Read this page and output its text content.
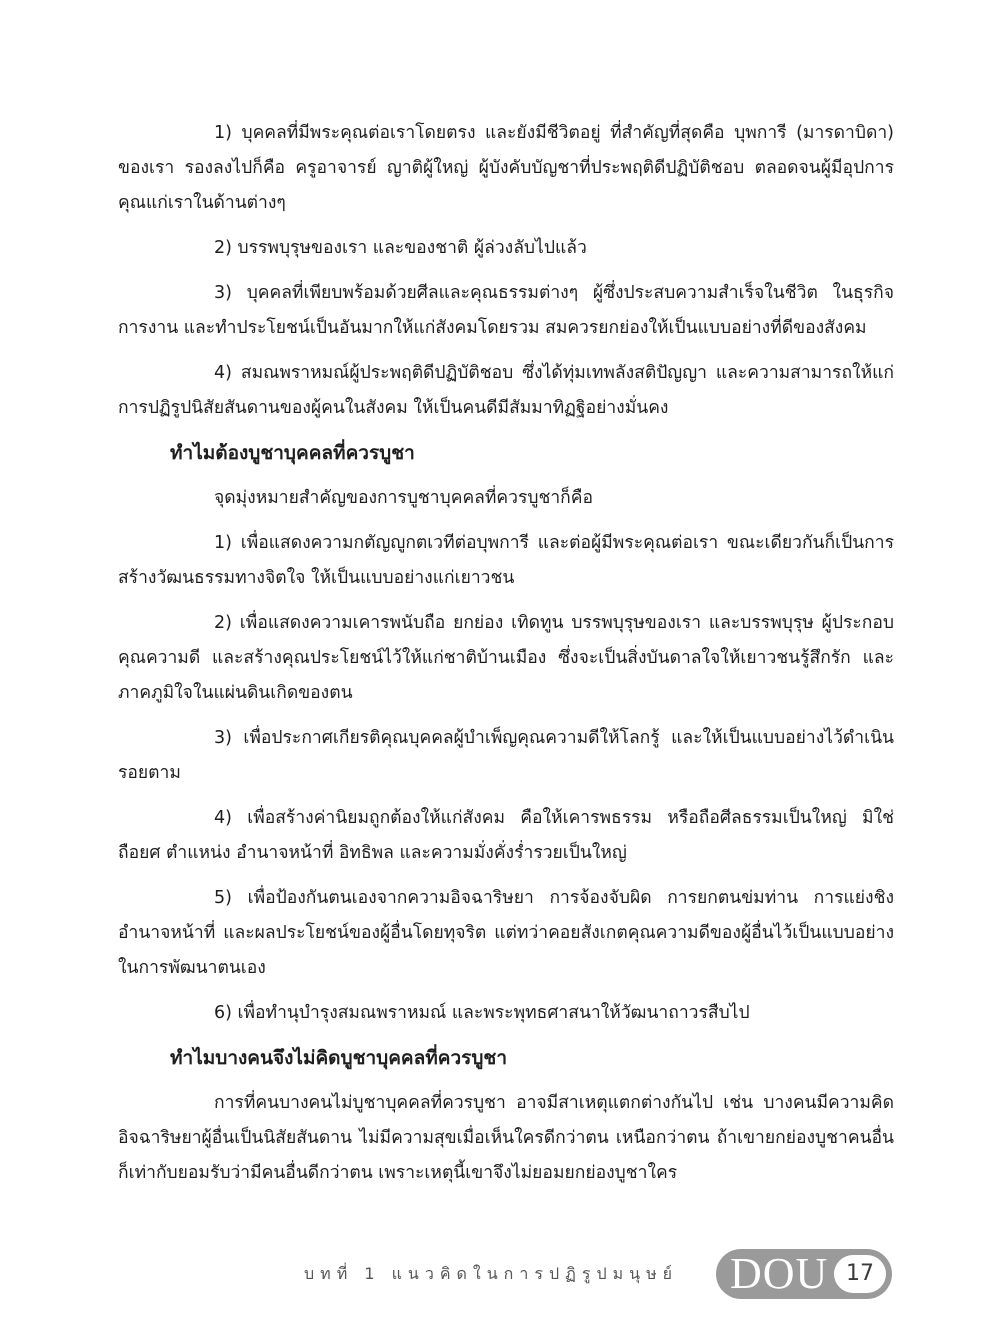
1) บุคคลที่มีพระคุณต่อเราโดยตรง และยังมีชีวิตอยู่ ที่สำคัญที่สุดคือ บุพการี (มารดาบิดา) ของเรา รองลงไปก็คือ ครูอาจารย์ ญาติผู้ใหญ่ ผู้บังคับบัญชาที่ประพฤติดีปฏิบัติชอบ ตลอดจนผู้มีอุปการคุณแก่เราในด้านต่างๆ

2) บรรพบุรุษของเรา และของชาติ ผู้ล่วงลับไปแล้ว

3) บุคคลที่เพียบพร้อมด้วยศีลและคุณธรรมต่างๆ ผู้ซึ่งประสบความสำเร็จในชีวิต ในธุรกิจการงาน และทำประโยชน์เป็นอันมากให้แก่สังคมโดยรวม สมควรยกย่องให้เป็นแบบอย่างที่ดีของสังคม

4) สมณพราหมณ์ผู้ประพฤติดีปฏิบัติชอบ ซึ่งได้ทุ่มเทพลังสติปัญญา และความสามารถให้แก่การปฏิรูปนิสัยสันดานของผู้คนในสังคม ให้เป็นคนดีมีสัมมาทิฏฐิอย่างมั่นคง

ทำไมต้องบูชาบุคคลที่ควรบูชา

จุดมุ่งหมายสำคัญของการบูชาบุคคลที่ควรบูชาก็คือ

1) เพื่อแสดงความกตัญญูกตเวทีต่อบุพการี และต่อผู้มีพระคุณต่อเรา ขณะเดียวกันก็เป็นการสร้างวัฒนธรรมทางจิตใจ ให้เป็นแบบอย่างแก่เยาวชน

2) เพื่อแสดงความเคารพนับถือ ยกย่อง เทิดทูน บรรพบุรุษของเรา และบรรพบุรุษ ผู้ประกอบคุณความดี และสร้างคุณประโยชน์ไว้ให้แก่ชาติบ้านเมือง ซึ่งจะเป็นสิ่งบันดาลใจให้เยาวชนรู้สึกรัก และภาคภูมิใจในแผ่นดินเกิดของตน

3) เพื่อประกาศเกียรติคุณบุคคลผู้บำเพ็ญคุณความดีให้โลกรู้ และให้เป็นแบบอย่างไว้ดำเนินรอยตาม

4) เพื่อสร้างค่านิยมถูกต้องให้แก่สังคม คือให้เคารพธรรม หรือถือศีลธรรมเป็นใหญ่ มิใช่ถือยศ ตำแหน่ง อำนาจหน้าที่ อิทธิพล และความมั่งคั่งร่ำรวยเป็นใหญ่

5) เพื่อป้องกันตนเองจากความอิจฉาริษยา การจ้องจับผิด การยกตนข่มท่าน การแย่งชิงอำนาจหน้าที่ และผลประโยชน์ของผู้อื่นโดยทุจริต แต่ทว่าคอยสังเกตคุณความดีของผู้อื่นไว้เป็นแบบอย่างในการพัฒนาตนเอง

6) เพื่อทำนุบำรุงสมณพราหมณ์ และพระพุทธศาสนาให้วัฒนาถาวรสืบไป

ทำไมบางคนจึงไม่คิดบูชาบุคคลที่ควรบูชา

การที่คนบางคนไม่บูชาบุคคลที่ควรบูชา อาจมีสาเหตุแตกต่างกันไป เช่น บางคนมีความคิดอิจฉาริษยาผู้อื่นเป็นนิสัยสันดาน ไม่มีความสุขเมื่อเห็นใครดีกว่าตน เหนือกว่าตน ถ้าเขายกย่องบูชาคนอื่นก็เท่ากับยอมรับว่ามีคนอื่นดีกว่าตน เพราะเหตุนี้เขาจึงไม่ยอมยกย่องบูชาใคร

บทที่ 1 แนวคิดในการปฏิรูปมนุษย์ DOU 17
